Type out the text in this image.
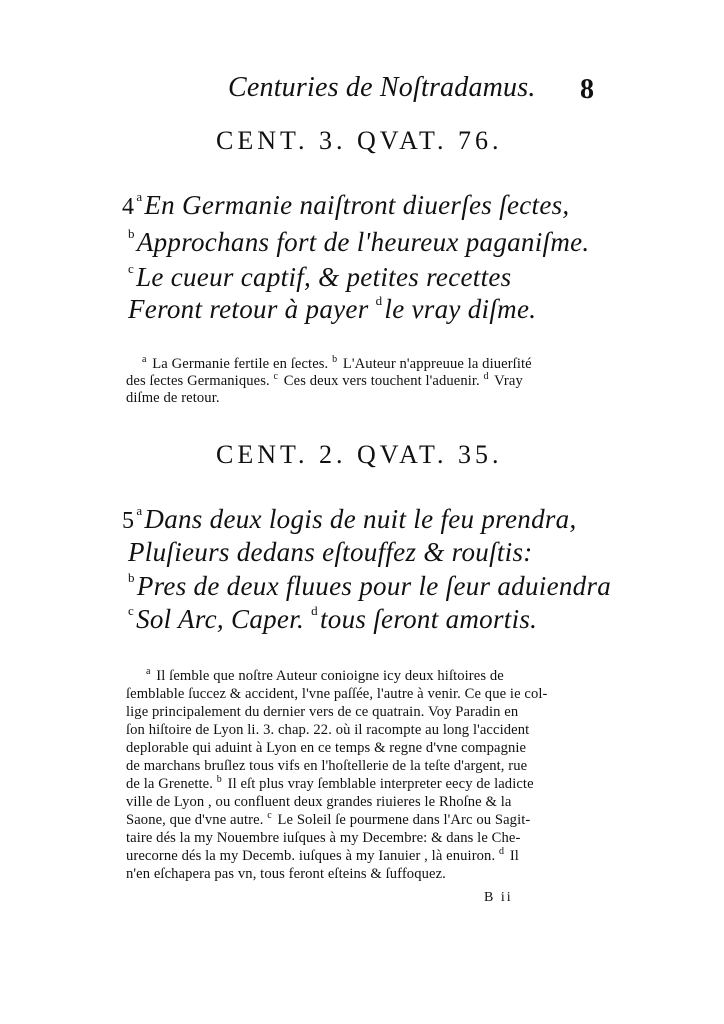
Centuries de Noſtradamus. 8
CENT. 3. QVAT. 76.
4 $^a$En Germanie naiſtront diuerſes ſectes,
$^b$Approchans fort de l'heureux paganiſme.
$^c$Le cueur captif, & petites recettes
Feront retour à payer $^d$le vray diſme.
$^a$ La Germanie fertile en ſectes. $^b$ L'Auteur n'appreuue la diuerſité
des ſectes Germaniques. $^c$ Ces deux vers touchent l'aduenir. $^d$ Vray
diſme de retour.
CENT. 2. QVAT. 35.
5 $^a$Dans deux logis de nuit le feu prendra,
Pluſieurs dedans eſtouffez & rouſtis:
$^b$Pres de deux fluues pour le ſeur aduiendra
$^c$Sol Arc, Caper. $^d$tous ſeront amortis.
$^a$ Il ſemble que noſtre Auteur conioigne icy deux hiſtoires de
ſemblable ſuccez & accident, l'vne paſſée, l'autre à venir. Ce que ie col-
lige principalement du dernier vers de ce quatrain. Voy Paradin en
ſon hiſtoire de Lyon li. 3. chap. 22. où il racompte au long l'accident
deplorable qui aduint à Lyon en ce temps & regne d'vne compagnie
de marchans bruſlez tous vifs en l'hoſtellerie de la teſte d'argent, rue
de la Grenette. $^b$ Il eſt plus vray ſemblable interpreter eecy de ladicte
ville de Lyon , ou confluent deux grandes riuieres le Rhoſne & la
Saone, que d'vne autre. $^c$ Le Soleil ſe pourmene dans l'Arc ou Sagit-
taire dés la my Nouembre iuſques à my Decembre: & dans le Che-
urecorne dés la my Decemb. iuſques à my Ianuier , là enuiron. $^d$ Il
n'en eſchapera pas vn, tous feront eſteins & ſuffoquez.
B ii
